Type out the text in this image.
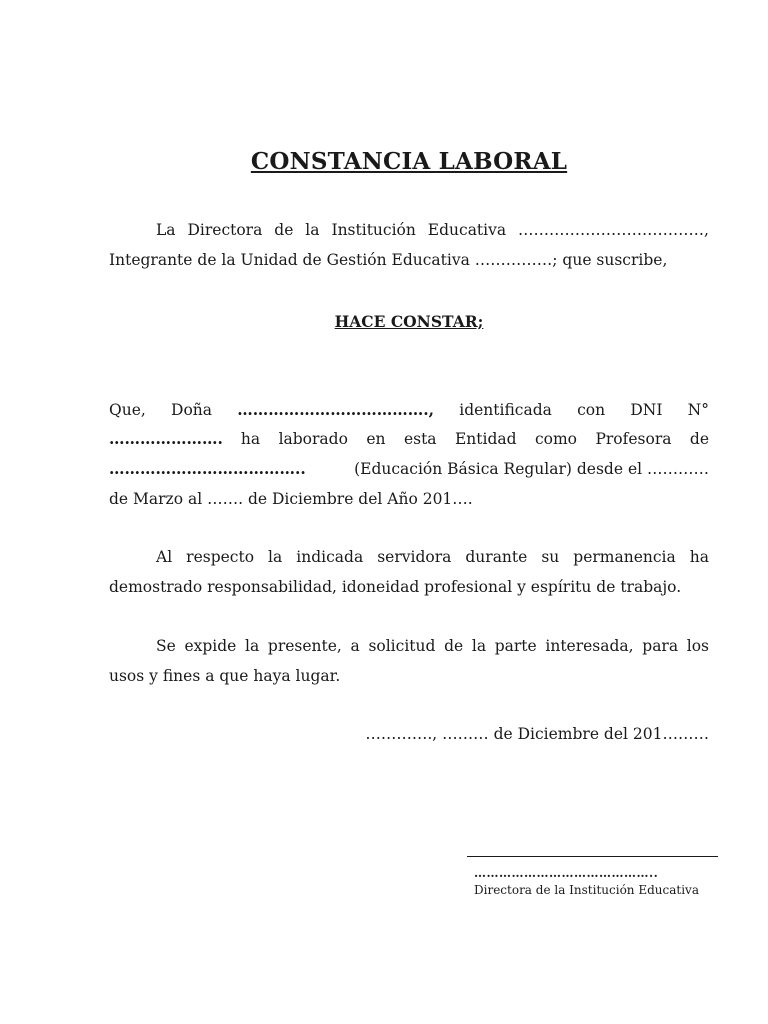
CONSTANCIA LABORAL
La Directora de la Institución Educativa ………………………………,
Integrante de la Unidad de Gestión Educativa ……………; que suscribe,
HACE CONSTAR;
Que, Doña ………………………………., identificada con DNI N°
…………………. ha laborado en esta Entidad como Profesora de
………………………………..	(Educación Básica Regular) desde el …………
de Marzo al ……. de Diciembre del Año 201….
Al respecto la indicada servidora durante su permanencia ha
demostrado responsabilidad, idoneidad profesional y espíritu de trabajo.
Se expide la presente, a solicitud de la parte interesada, para los
usos y fines a que haya lugar.
…………., ……… de Diciembre del 201………
……………………………………..
Directora de la Institución Educativa
